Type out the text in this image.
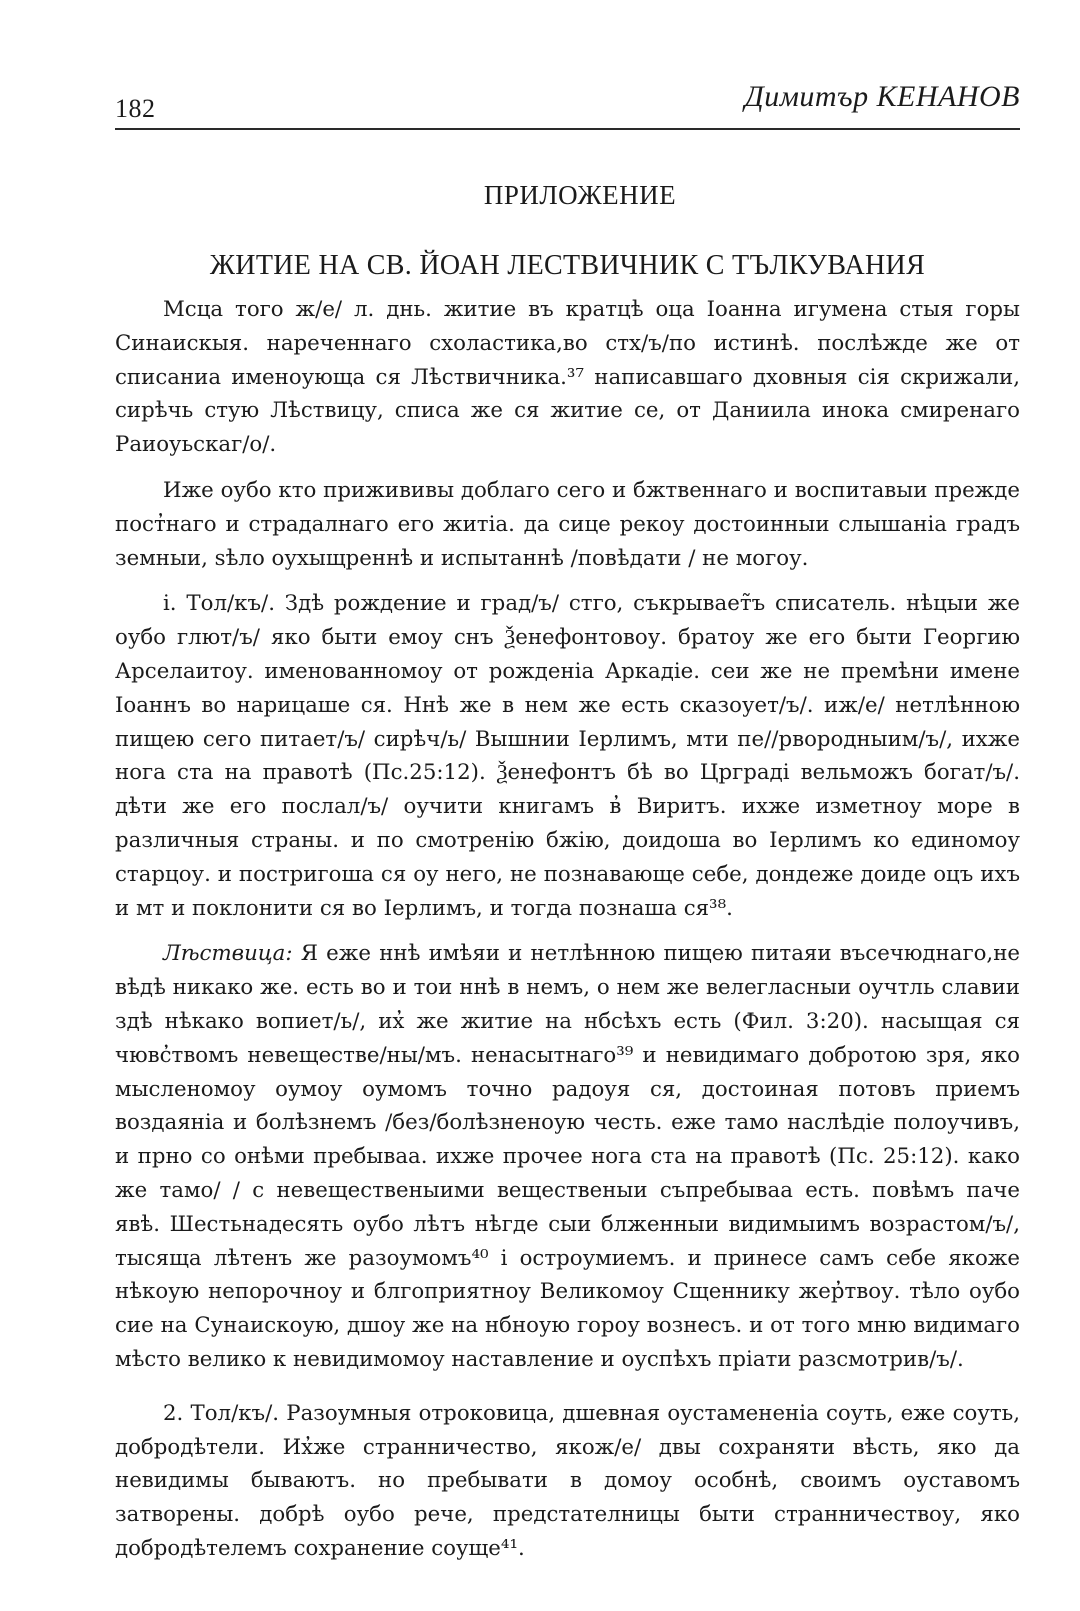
182	Димитър КЕНАНОВ
ПРИЛОЖЕНИЕ
ЖИТИЕ НА СВ. ЙОАН ЛЕСТВИЧНИК С ТЪЛКУВАНИЯ

Мсца того ж/е/ л. днь. житие въ кратцѣ оца Іоанна игумена стыя горы Синаискыя. нареченнаго схоластика,во стх/ъ/по истинѣ. послѣжде же от списаниа именоующа ся Лѣствичника.³⁷ написавшаго дховныя сія скрижали, сирѣчь стую Лѣствицу, списа же ся житие се, от Даниила инока смиренаго Раиоуьскаг/о/.

Иже оубо кто прижививы доблаго сего и бжтвеннаго и воспитавыи прежде пост̓наго и страдалнаго его житіа. да сице рекоу достоинныи слышаніа градъ земныи, sѣло оухыщреннѣ и испытаннѣ /повѣдати / не могоу.

і. Тол/къ/. Здѣ рождение и град/ъ/ стго, съкрывает̃ъ списатель. нѣцыи же оубо глют/ъ/ яко быти емоу снъ Ѯенефонтовоу. братоу же его быти Георгию Арселаитоу. именованномоу от рожденіа Аркадіе. сеи же не премѣни имене Іоаннъ во нарицаше ся. Ннѣ же в нем же есть сказоует/ъ/. иж/е/ нетлѣнною пищею сего питает/ъ/ сирѣч/ь/ Вышнии Іерлимъ, мти пе//рвородныим/ъ/, ихже нога ста на правотѣ (Пс.25:12). Ѯенефонтъ бѣ во Црграді вельможъ богат/ъ/. дѣти же его послал/ъ/ оучити книгамъ в̓ Виритъ. ихже изметноу море в различныя страны. и по смотренію бжію, доидоша во Іерлимъ ко единомоу старцоу. и постригоша ся оу него, не познавающе себе, дондеже доиде оцъ ихъ и мт и поклонити ся во Іерлимъ, и тогда познаша ся³⁸.

Лѣствица: Я еже ннѣ имѣяи и нетлѣнною пищею питаяи въсечюднаго,не вѣдѣ никако же. есть во и тои ннѣ в немъ, о нем же велегласныи оучтль славии здѣ нѣкако вопиет/ь/, их̓ же житие на нбсѣхъ есть (Фил. 3:20). насыщая ся чювс̓твомъ невеществе/ны/мъ. ненасытнаго³⁹ и невидимаго добротою зря, яко мысленомоу оумоу оумомъ точно радоуя ся, достоиная потовъ приемъ воздаяніа и болѣзнемъ /без/болѣзненоую честь. еже тамо наслѣдіе полоучивъ, и прно со онѣми пребываа. ихже прочее нога ста на правотѣ (Пс. 25:12). како же тамо/ / с невещественыими вещественыи съпребываа есть. повѣмъ паче явѣ. Шестьнадесять оубо лѣтъ нѣгде сыи блженныи видимыимъ возрастом/ъ/, тысяща лѣтенъ же разоумомъ⁴⁰ і остроумиемъ. и принесе самъ себе якоже нѣкоую непорочноу и блгоприятноу Великомоу Сщеннику жер̓твоу. тѣло оубо сие на Сунаискоую, дшоу же на нбноую горoу вознесъ. и от того мню видимаго мѣсто велико к невидимомоу наставление и оуспѣхъ прiати разсмотрив/ъ/.

2. Тол/къ/. Разоумныя отроковица, дшевная оустамененіа соуть, еже соуть, добродѣтели. Их̓же странничество, якож/е/ двы сохраняти вѣсть, яко да невидимы бываютъ. но пребывати в домоу особнѣ, своимъ оуставомъ затворены. добрѣ оубо рече, предстателницы быти странничествоу, яко добродѣтелемъ сохранение соуще⁴¹.
